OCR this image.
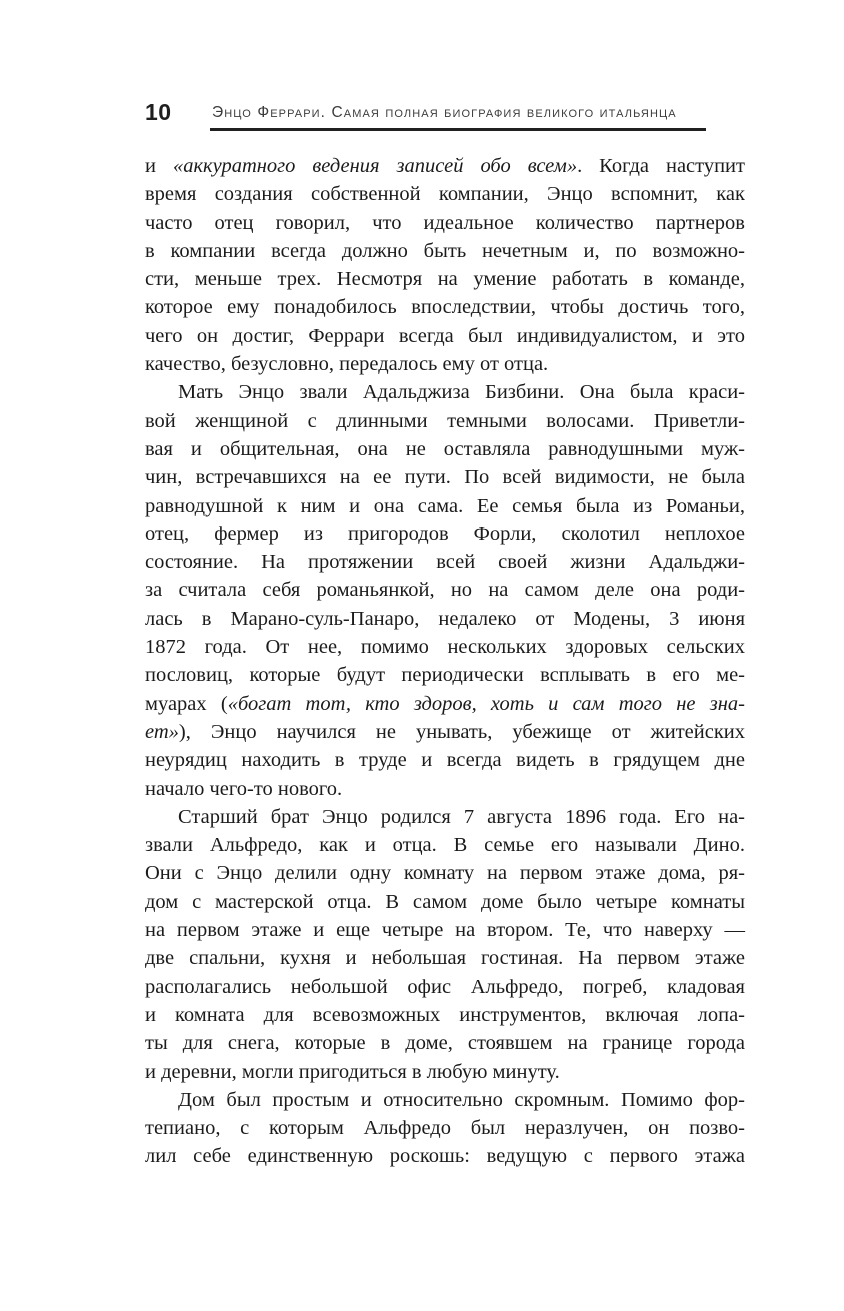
10	Энцо Феррари. Самая полная биография великого итальянца
и «аккуратного ведения записей обо всем». Когда наступит
время создания собственной компании, Энцо вспомнит, как
часто отец говорил, что идеальное количество партнеров
в компании всегда должно быть нечетным и, по возможно-
сти, меньше трех. Несмотря на умение работать в команде,
которое ему понадобилось впоследствии, чтобы достичь того,
чего он достиг, Феррари всегда был индивидуалистом, и это
качество, безусловно, передалось ему от отца.
Мать Энцо звали Адальджиза Бизбини. Она была краси-
вой женщиной с длинными темными волосами. Приветли-
вая и общительная, она не оставляла равнодушными муж-
чин, встречавшихся на ее пути. По всей видимости, не была
равнодушной к ним и она сама. Ее семья была из Романьи,
отец, фермер из пригородов Форли, сколотил неплохое
состояние. На протяжении всей своей жизни Адальджи-
за считала себя романьянкой, но на самом деле она роди-
лась в Марано-суль-Панаро, недалеко от Модены, 3 июня
1872 года. От нее, помимо нескольких здоровых сельских
пословиц, которые будут периодически всплывать в его ме-
муарах («богат тот, кто здоров, хоть и сам того не зна-
ет»), Энцо научился не унывать, убежище от житейских
неурядиц находить в труде и всегда видеть в грядущем дне
начало чего-то нового.
Старший брат Энцо родился 7 августа 1896 года. Его на-
звали Альфредо, как и отца. В семье его называли Дино.
Они с Энцо делили одну комнату на первом этаже дома, ря-
дом с мастерской отца. В самом доме было четыре комнаты
на первом этаже и еще четыре на втором. Те, что наверху —
две спальни, кухня и небольшая гостиная. На первом этаже
располагались небольшой офис Альфредо, погреб, кладовая
и комната для всевозможных инструментов, включая лопа-
ты для снега, которые в доме, стоявшем на границе города
и деревни, могли пригодиться в любую минуту.
Дом был простым и относительно скромным. Помимо фор-
тепиано, с которым Альфредо был неразлучен, он позво-
лил себе единственную роскошь: ведущую с первого этажа
